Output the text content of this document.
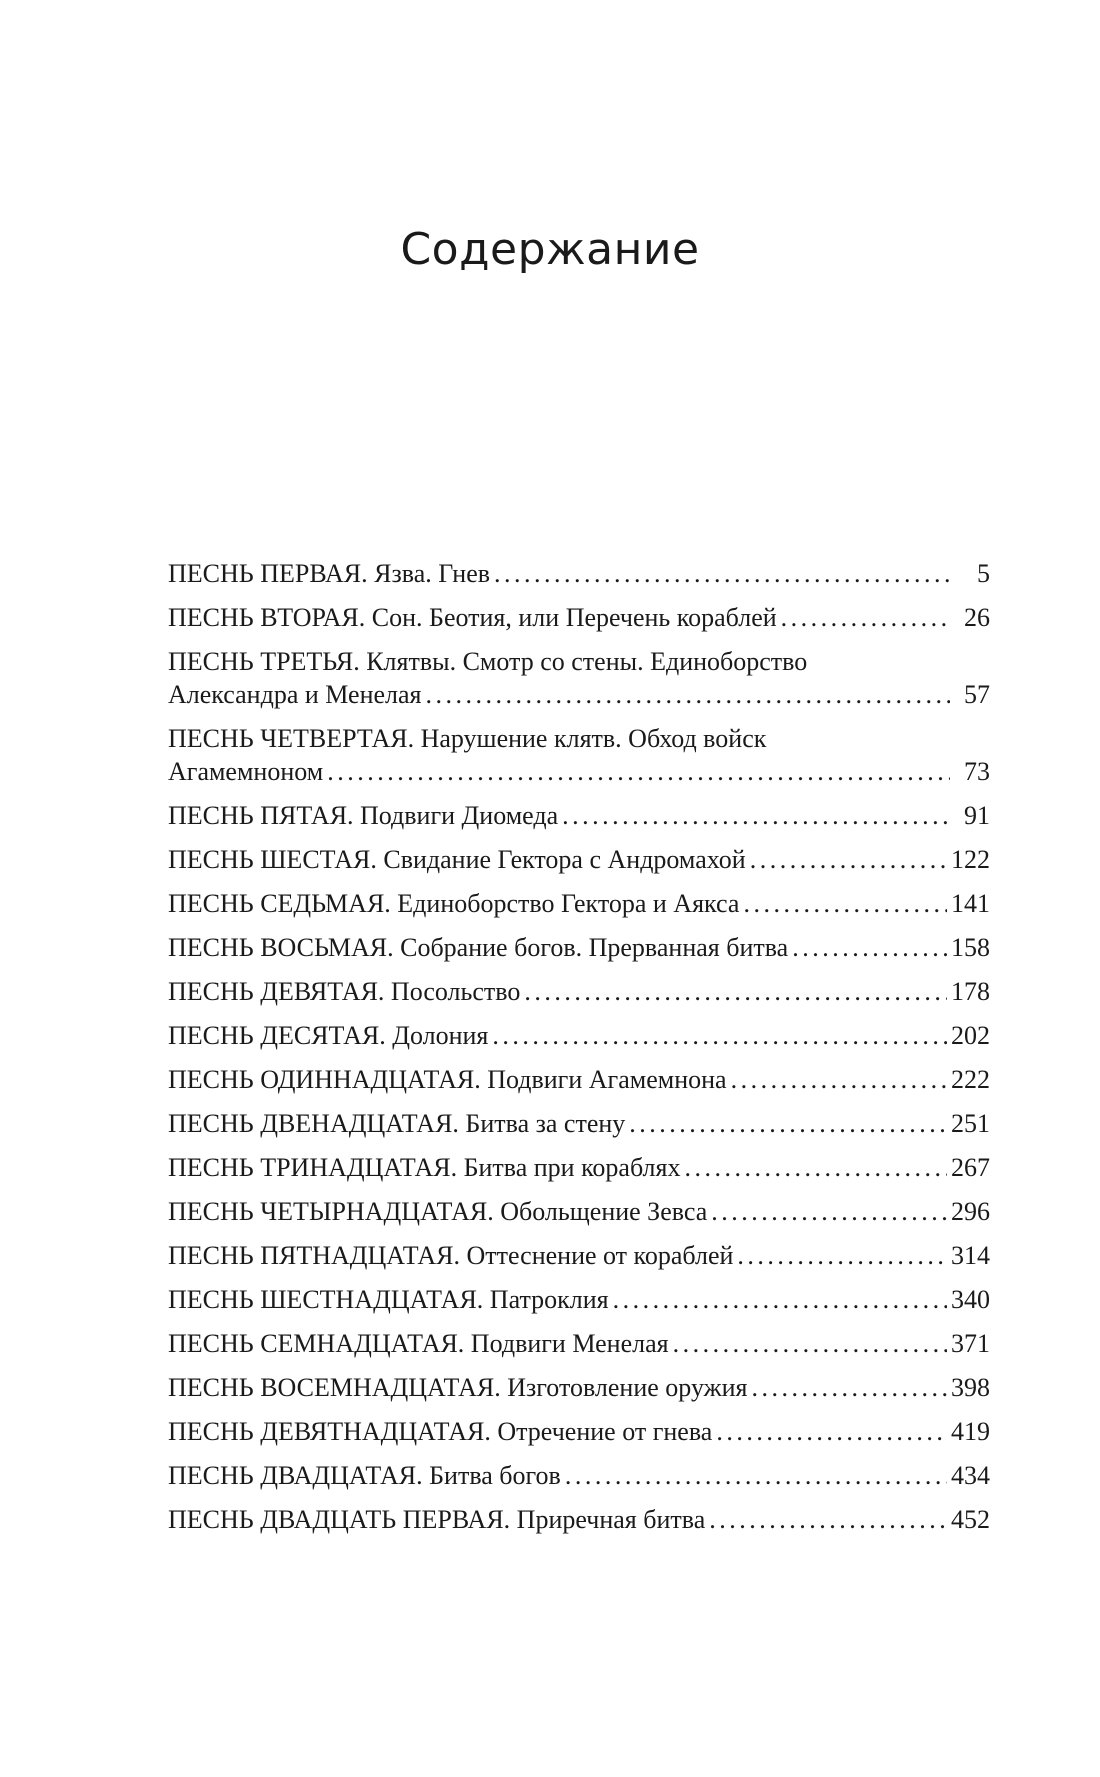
Содержание
ПЕСНЬ ПЕРВАЯ. Язва. Гнев . . .	5
ПЕСНЬ ВТОРАЯ. Сон. Беотия, или Перечень кораблей . . .	26
ПЕСНЬ ТРЕТЬЯ. Клятвы. Смотр со стены. Единоборство
Александра и Менелая . . .	57
ПЕСНЬ ЧЕТВЕРТАЯ. Нарушение клятв. Обход войск
Агамемноном . . .	73
ПЕСНЬ ПЯТАЯ. Подвиги Диомеда . . .	91
ПЕСНЬ ШЕСТАЯ. Свидание Гектора с Андромахой . . .	122
ПЕСНЬ СЕДЬМАЯ. Единоборство Гектора и Аякса . . .	141
ПЕСНЬ ВОСЬМАЯ. Собрание богов. Прерванная битва . . .	158
ПЕСНЬ ДЕВЯТАЯ. Посольство . . .	178
ПЕСНЬ ДЕСЯТАЯ. Долония . . .	202
ПЕСНЬ ОДИННАДЦАТАЯ. Подвиги Агамемнона . . .	222
ПЕСНЬ ДВЕНАДЦАТАЯ. Битва за стену . . .	251
ПЕСНЬ ТРИНАДЦАТАЯ. Битва при кораблях . . .	267
ПЕСНЬ ЧЕТЫРНАДЦАТАЯ. Обольщение Зевса . . .	296
ПЕСНЬ ПЯТНАДЦАТАЯ. Оттеснение от кораблей . . .	314
ПЕСНЬ ШЕСТНАДЦАТАЯ. Патроклия . . .	340
ПЕСНЬ СЕМНАДЦАТАЯ. Подвиги Менелая . . .	371
ПЕСНЬ ВОСЕМНАДЦАТАЯ. Изготовление оружия . . .	398
ПЕСНЬ ДЕВЯТНАДЦАТАЯ. Отречение от гнева . . .	419
ПЕСНЬ ДВАДЦАТАЯ. Битва богов . . .	434
ПЕСНЬ ДВАДЦАТЬ ПЕРВАЯ. Приречная битва . . .	452
